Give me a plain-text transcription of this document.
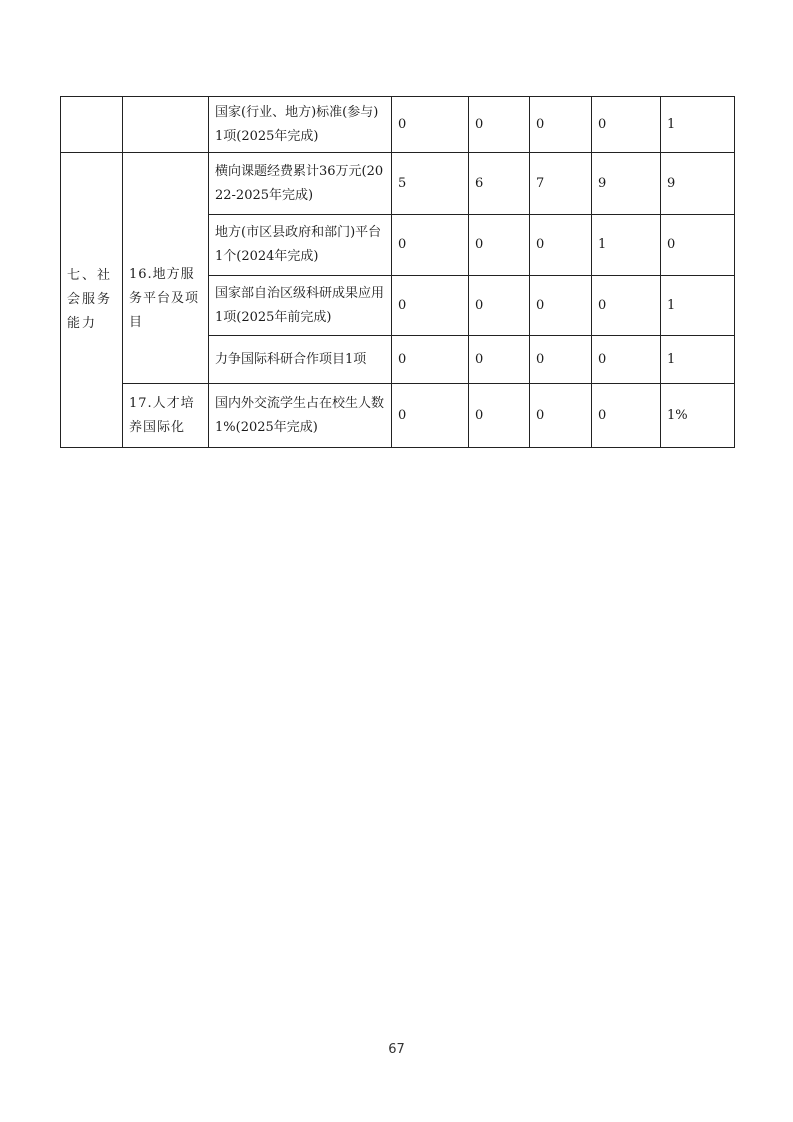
		国家(行业、地方)标准(参与)1项(2025年完成)	0	0	0	0	1
七、社会服务能力		横向课题经费累计36万元(2022-2025年完成)	5	6	7	9	9
	16.地方服务平台及项目	地方(市区县政府和部门)平台1个(2024年完成)	0	0	0	1	0
		国家部自治区级科研成果应用1项(2025年前完成)	0	0	0	0	1
		力争国际科研合作项目1项	0	0	0	0	1
	17.人才培养国际化	国内外交流学生占在校生人数1%(2025年完成)	0	0	0	0	1%
67
